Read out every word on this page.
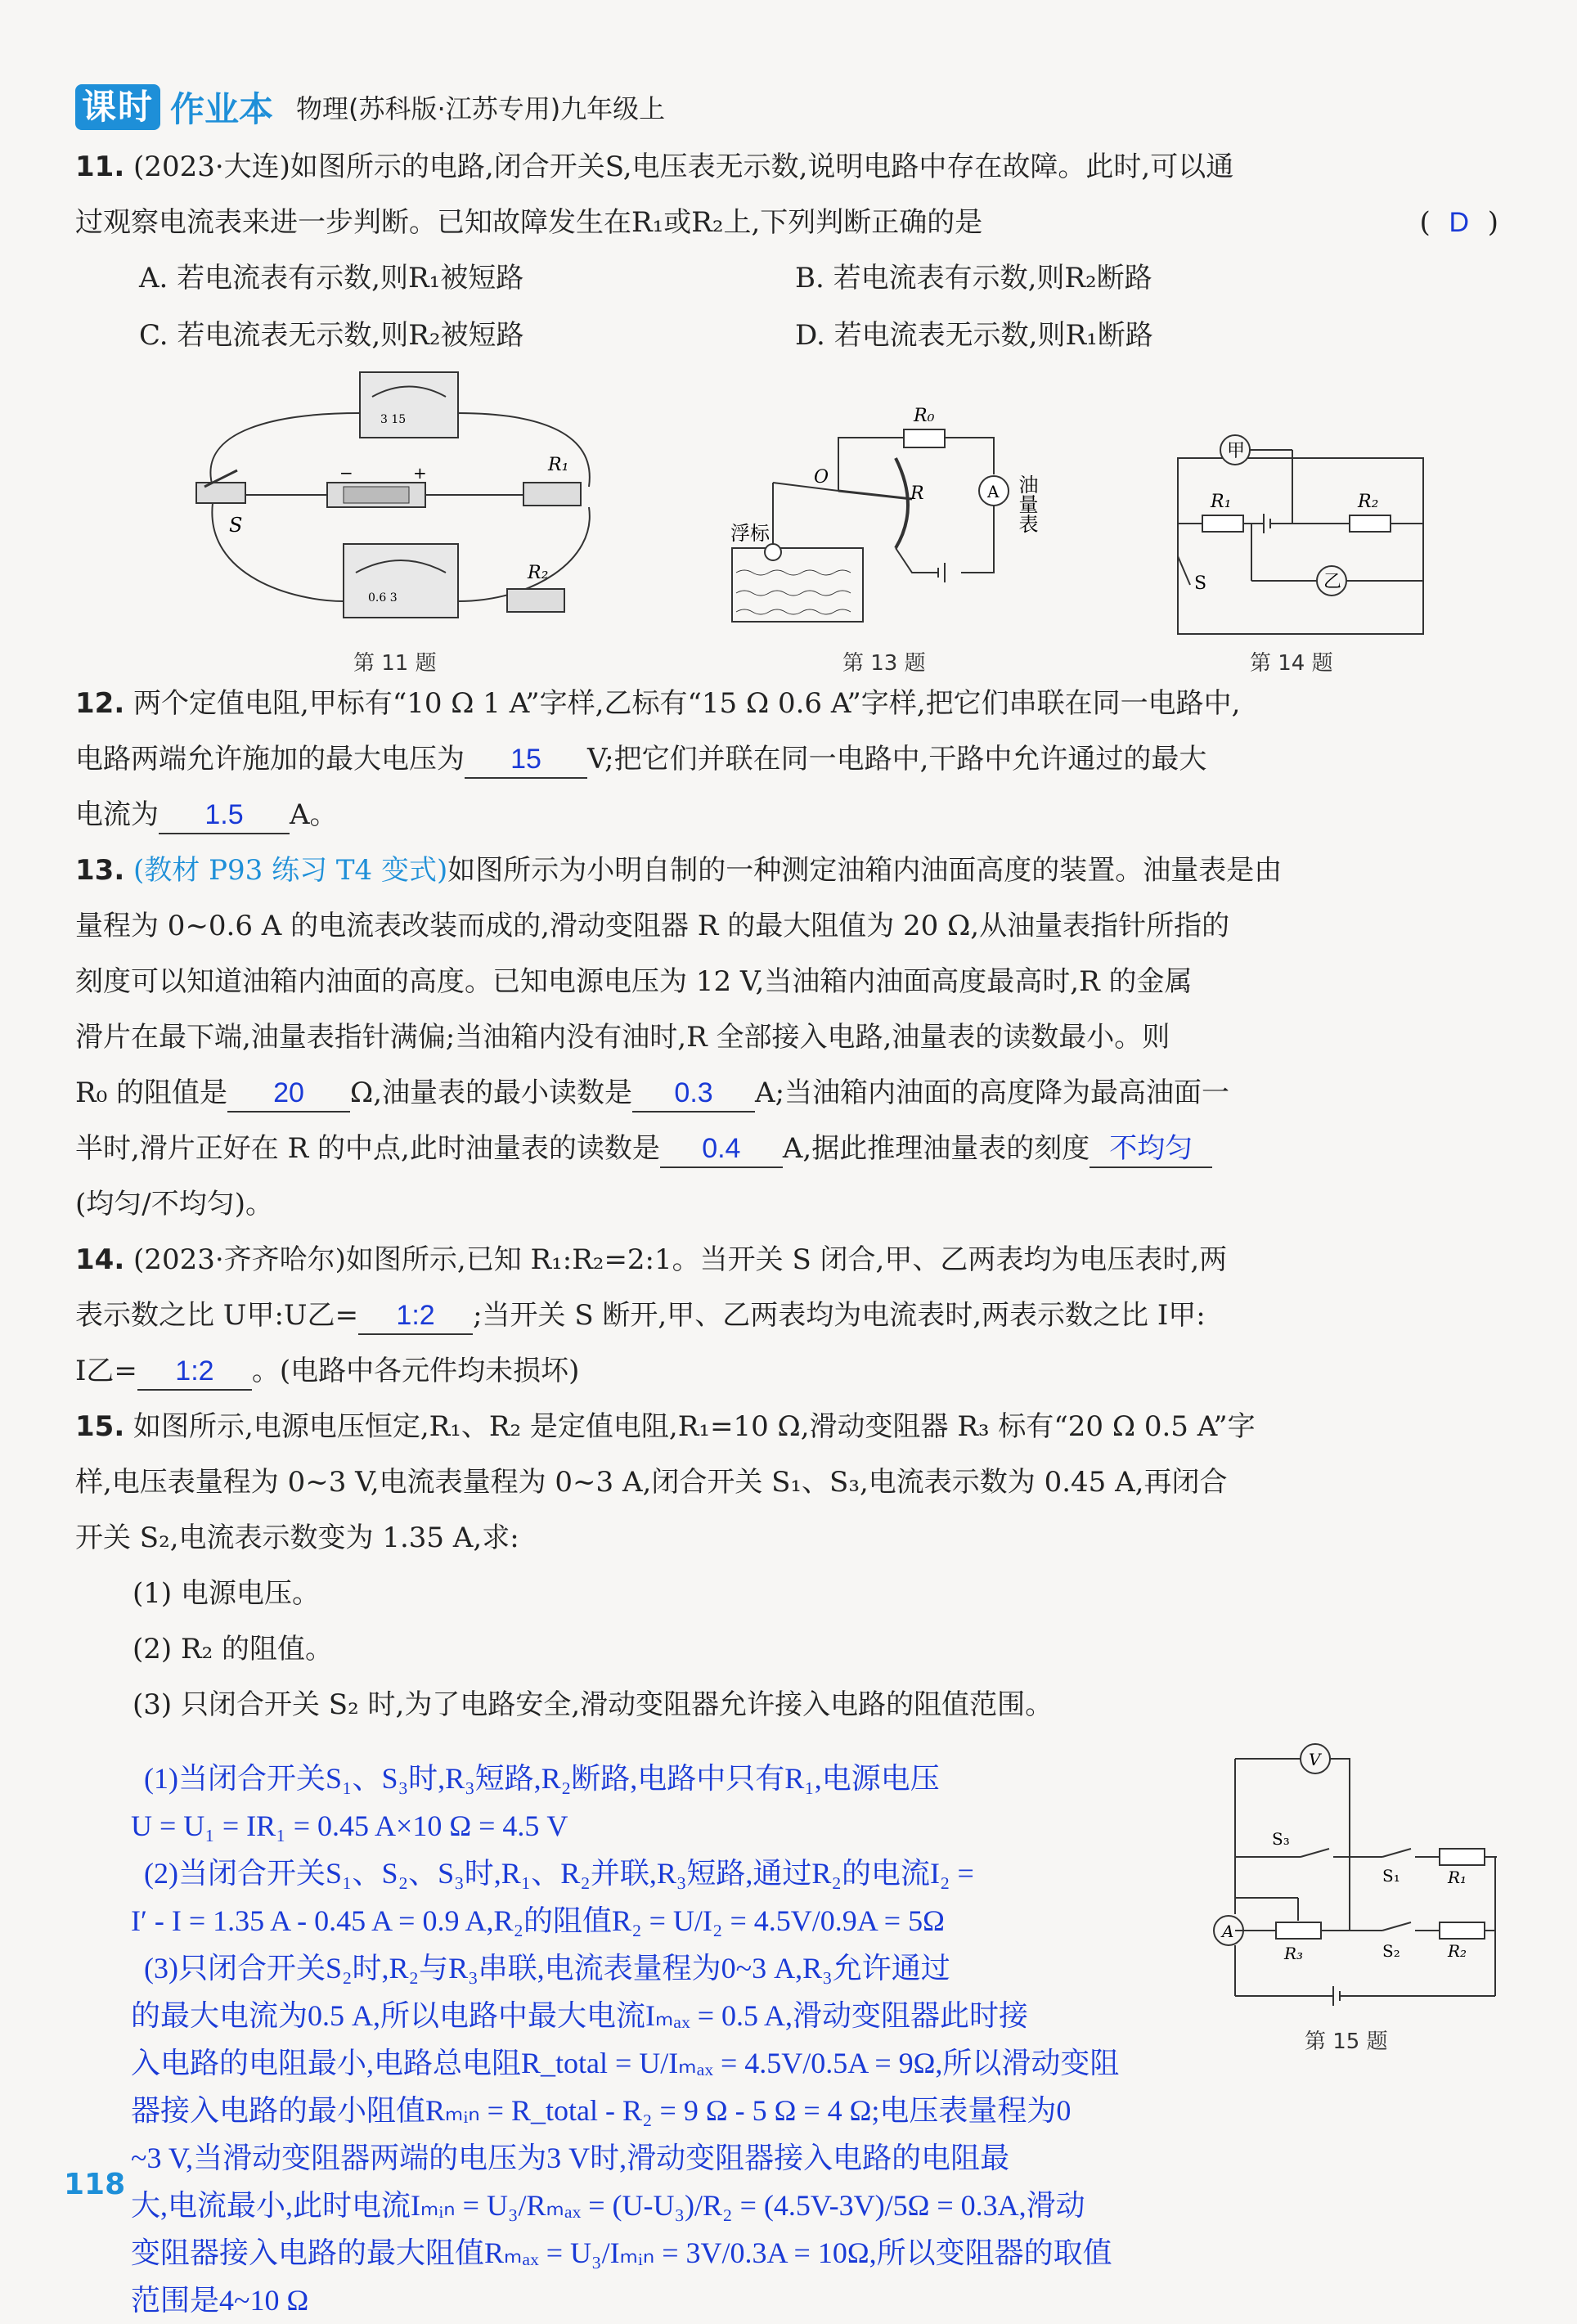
课时 作业本 物理(苏科版·江苏专用)九年级上
11. (2023·大连)如图所示的电路,闭合开关S,电压表无示数,说明电路中存在故障。此时,可以通
过观察电流表来进一步判断。已知故障发生在R₁或R₂上,下列判断正确的是	( D )
A. 若电流表有示数,则R₁被短路	B. 若电流表有示数,则R₂断路
C. 若电流表无示数,则R₂被短路	D. 若电流表无示数,则R₁断路
3 15
S
−	+	R₁
0.6 3
R₂
第 11 题
R₀
O
R	A
浮标	油量表
第 13 题
甲
乙
R₁	R₂
S
第 14 题
12. 两个定值电阻,甲标有“10 Ω 1 A”字样,乙标有“15 Ω 0.6 A”字样,把它们串联在同一电路中,
电路两端允许施加的最大电压为 15 V;把它们并联在同一电路中,干路中允许通过的最大
电流为 1.5 A。
13. (教材 P93 练习 T4 变式)如图所示为小明自制的一种测定油箱内油面高度的装置。油量表是由
量程为 0~0.6 A 的电流表改装而成的,滑动变阻器 R 的最大阻值为 20 Ω,从油量表指针所指的
刻度可以知道油箱内油面的高度。已知电源电压为 12 V,当油箱内油面高度最高时,R 的金属
滑片在最下端,油量表指针满偏;当油箱内没有油时,R 全部接入电路,油量表的读数最小。则
R₀ 的阻值是 20 Ω,油量表的最小读数是 0.3 A;当油箱内油面的高度降为最高油面一
半时,滑片正好在 R 的中点,此时油量表的读数是 0.4 A,据此推理油量表的刻度 不均匀
(均匀/不均匀)。
14. (2023·齐齐哈尔)如图所示,已知 R₁:R₂=2:1。当开关 S 闭合,甲、乙两表均为电压表时,两
表示数之比 U甲:U乙= 1:2 ;当开关 S 断开,甲、乙两表均为电流表时,两表示数之比 I甲:
I乙= 1:2 。(电路中各元件均未损坏)
15. 如图所示,电源电压恒定,R₁、R₂ 是定值电阻,R₁=10 Ω,滑动变阻器 R₃ 标有“20 Ω 0.5 A”字
样,电压表量程为 0~3 V,电流表量程为 0~3 A,闭合开关 S₁、S₃,电流表示数为 0.45 A,再闭合
开关 S₂,电流表示数变为 1.35 A,求:
(1) 电源电压。
(2) R₂ 的阻值。
(3) 只闭合开关 S₂ 时,为了电路安全,滑动变阻器允许接入电路的阻值范围。
(1)当闭合开关S₁、S₃时,R₃短路,R₂断路,电路中只有R₁,电源电压
U = U₁ = IR₁ = 0.45 A×10 Ω = 4.5 V
(2)当闭合开关S₁、S₂、S₃时,R₁、R₂并联,R₃短路,通过R₂的电流I₂ =
I′ - I = 1.35 A - 0.45 A = 0.9 A,R₂的阻值R₂ = U/I₂ = 4.5V/0.9A = 5Ω
(3)只闭合开关S₂时,R₂与R₃串联,电流表量程为0~3 A,R₃允许通过
的最大电流为0.5 A,所以电路中最大电流Iₘₐₓ = 0.5 A,滑动变阻器此时接
入电路的电阻最小,电路总电阻R_total = U/Iₘₐₓ = 4.5V/0.5A = 9Ω,所以滑动变阻
器接入电路的最小阻值Rₘᵢₙ = R_total - R₂ = 9 Ω - 5 Ω = 4 Ω;电压表量程为0
~3 V,当滑动变阻器两端的电压为3 V时,滑动变阻器接入电路的电阻最
大,电流最小,此时电流Iₘᵢₙ = U₃/Rₘₐₓ = (U-U₃)/R₂ = (4.5V-3V)/5Ω = 0.3A,滑动
变阻器接入电路的最大阻值Rₘₐₓ = U₃/Iₘᵢₙ = 3V/0.3A = 10Ω,所以变阻器的取值
范围是4~10 Ω
V
A
S₃
S₁
S₂
R₁
R₂
R₃
第 15 题
118
